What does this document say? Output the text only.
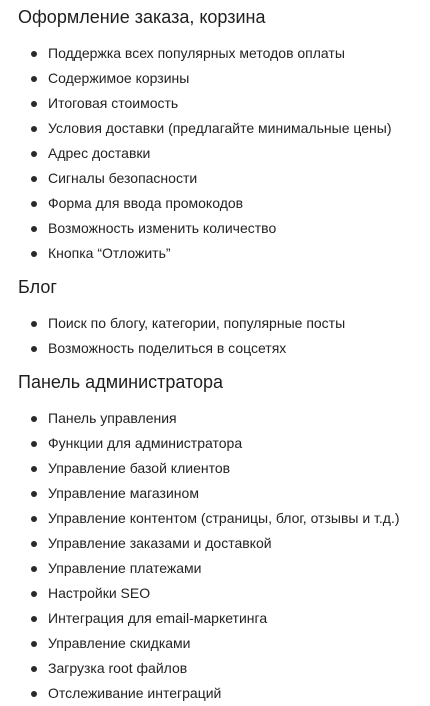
Оформление заказа, корзина
Поддержка всех популярных методов оплаты
Содержимое корзины
Итоговая стоимость
Условия доставки (предлагайте минимальные цены)
Адрес доставки
Сигналы безопасности
Форма для ввода промокодов
Возможность изменить количество
Кнопка “Отложить”
Блог
Поиск по блогу, категории, популярные посты
Возможность поделиться в соцсетях
Панель администратора
Панель управления
Функции для администратора
Управление базой клиентов
Управление магазином
Управление контентом (страницы, блог, отзывы и т.д.)
Управление заказами и доставкой
Управление платежами
Настройки SEO
Интеграция для email-маркетинга
Управление скидками
Загрузка root файлов
Отслеживание интеграций
